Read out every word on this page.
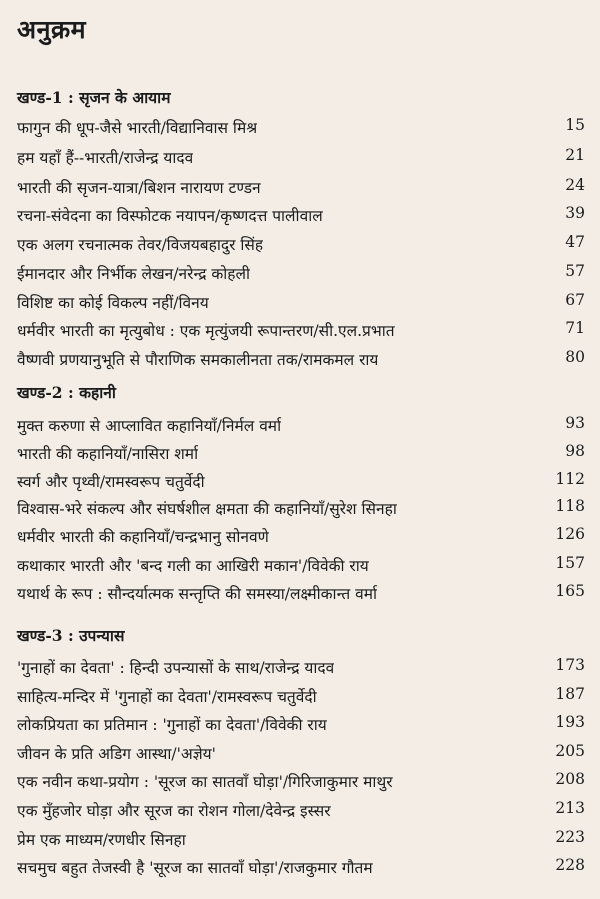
अनुक्रम
खण्ड-1 : सृजन के आयाम
फागुन की धूप-जैसे भारती/विद्यानिवास मिश्र	15
हम यहाँ हैं--भारती/राजेन्द्र यादव	21
भारती की सृजन-यात्रा/बिशन नारायण टण्डन	24
रचना-संवेदना का विस्फोटक नयापन/कृष्णदत्त पालीवाल	39
एक अलग रचनात्मक तेवर/विजयबहादुर सिंह	47
ईमानदार और निर्भीक लेखन/नरेन्द्र कोहली	57
विशिष्ट का कोई विकल्प नहीं/विनय	67
धर्मवीर भारती का मृत्युबोध : एक मृत्युंजयी रूपान्तरण/सी.एल.प्रभात	71
वैष्णवी प्रणयानुभूति से पौराणिक समकालीनता तक/रामकमल राय	80
खण्ड-2 : कहानी
मुक्त करुणा से आप्लावित कहानियाँ/निर्मल वर्मा	93
भारती की कहानियाँ/नासिरा शर्मा	98
स्वर्ग और पृथ्वी/रामस्वरूप चतुर्वेदी	112
विश्वास-भरे संकल्प और संघर्षशील क्षमता की कहानियाँ/सुरेश सिनहा	118
धर्मवीर भारती की कहानियाँ/चन्द्रभानु सोनवणे	126
कथाकार भारती और 'बन्द गली का आखिरी मकान'/विवेकी राय	157
यथार्थ के रूप : सौन्दर्यात्मक सन्तृप्ति की समस्या/लक्ष्मीकान्त वर्मा	165
खण्ड-3 : उपन्यास
'गुनाहों का देवता' : हिन्दी उपन्यासों के साथ/राजेन्द्र यादव	173
साहित्य-मन्दिर में 'गुनाहों का देवता'/रामस्वरूप चतुर्वेदी	187
लोकप्रियता का प्रतिमान : 'गुनाहों का देवता'/विवेकी राय	193
जीवन के प्रति अडिग आस्था/'अज्ञेय'	205
एक नवीन कथा-प्रयोग : 'सूरज का सातवाँ घोड़ा'/गिरिजाकुमार माथुर	208
एक मुँहजोर घोड़ा और सूरज का रोशन गोला/देवेन्द्र इस्सर	213
प्रेम एक माध्यम/रणधीर सिनहा	223
सचमुच बहुत तेजस्वी है 'सूरज का सातवाँ घोड़ा'/राजकुमार गौतम	228
